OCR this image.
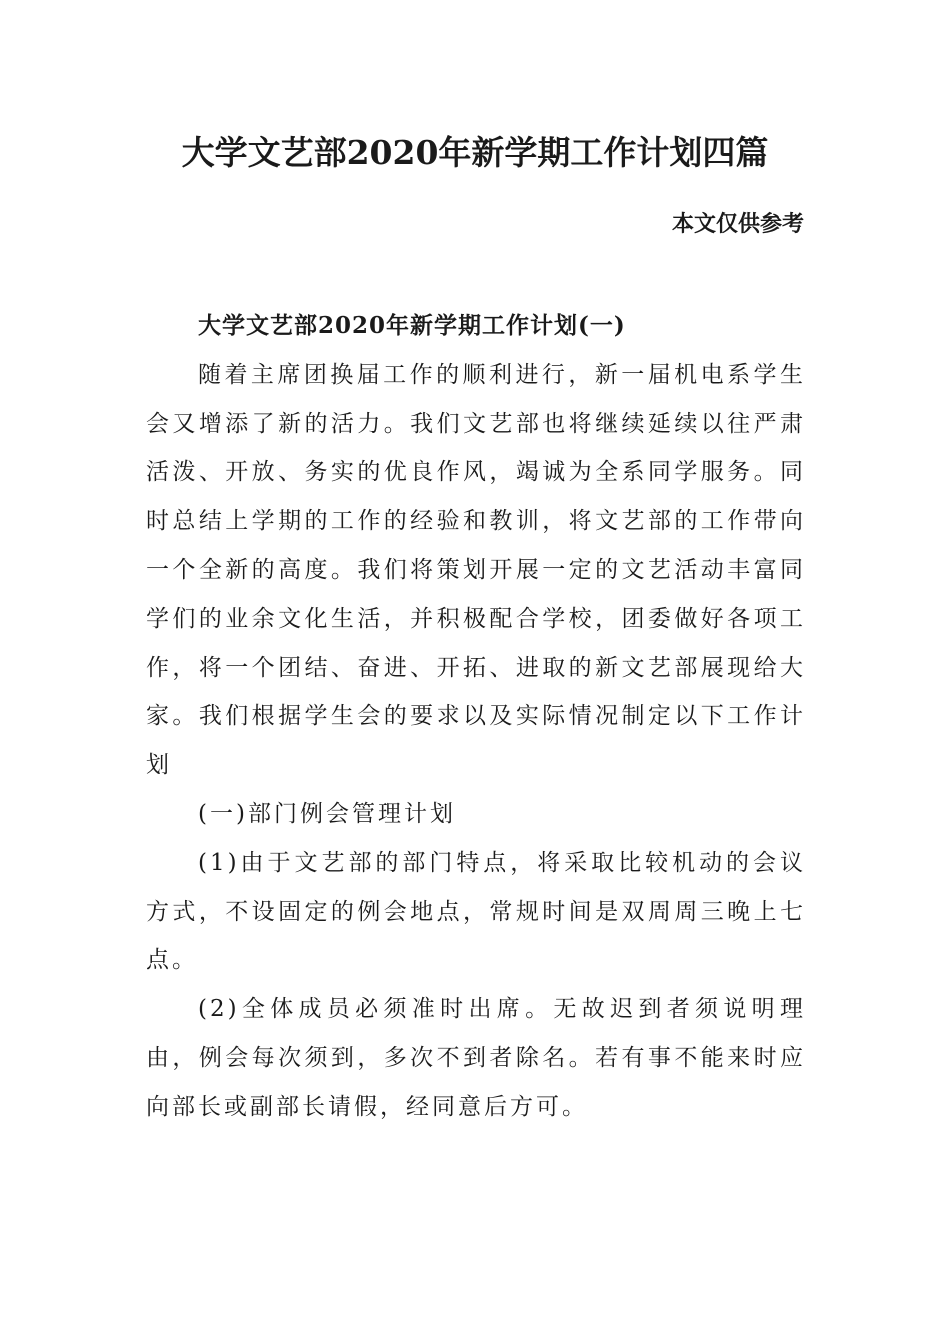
大学文艺部2020年新学期工作计划四篇
本文仅供参考

大学文艺部2020年新学期工作计划(一)

随着主席团换届工作的顺利进行，新一届机电系学生会又增添了新的活力。我们文艺部也将继续延续以往严肃活泼、开放、务实的优良作风，竭诚为全系同学服务。同时总结上学期的工作的经验和教训，将文艺部的工作带向一个全新的高度。我们将策划开展一定的文艺活动丰富同学们的业余文化生活，并积极配合学校，团委做好各项工作，将一个团结、奋进、开拓、进取的新文艺部展现给大家。我们根据学生会的要求以及实际情况制定以下工作计划

(一)部门例会管理计划

(1)由于文艺部的部门特点，将采取比较机动的会议方式，不设固定的例会地点，常规时间是双周周三晚上七点。

(2)全体成员必须准时出席。无故迟到者须说明理由，例会每次须到，多次不到者除名。若有事不能来时应向部长或副部长请假，经同意后方可。
